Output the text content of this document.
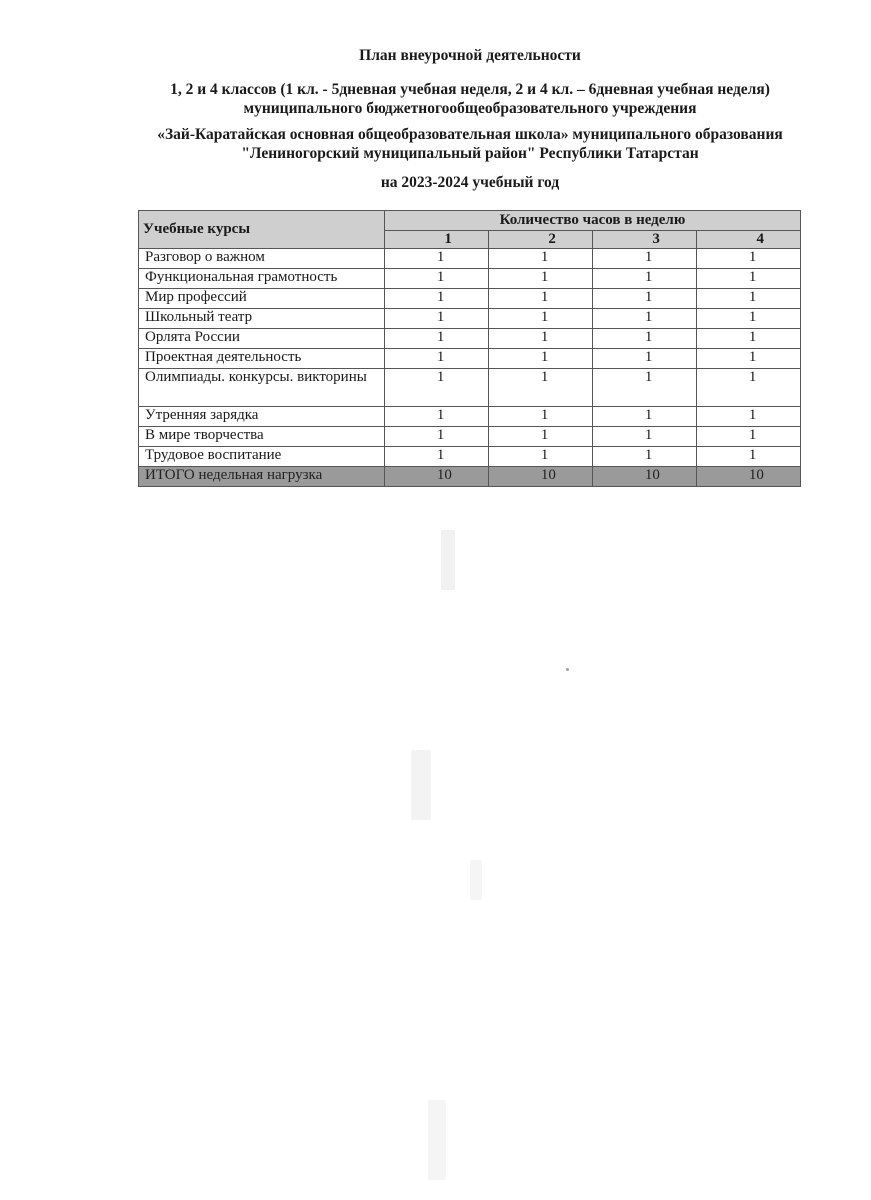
План внеурочной деятельности

1, 2 и 4 классов (1 кл. - 5дневная учебная неделя, 2 и 4 кл. – 6дневная учебная неделя) муниципального бюджетногообщеобразовательного учреждения

«Зай-Каратайская основная общеобразовательная школа» муниципального образования "Лениногорский муниципальный район" Республики Татарстан

на 2023-2024 учебный год

Учебные курсы	Количество часов в неделю			
	1	2	3	4
Разговор о важном	1	1	1	1
Функциональная грамотность	1	1	1	1
Мир профессий	1	1	1	1
Школьный театр	1	1	1	1
Орлята России	1	1	1	1
Проектная деятельность	1	1	1	1
Олимпиады. конкурсы. викторины	1	1	1	1
Утренняя зарядка	1	1	1	1
В мире творчества	1	1	1	1
Трудовое воспитание	1	1	1	1
ИТОГО недельная нагрузка	10	10	10	10
